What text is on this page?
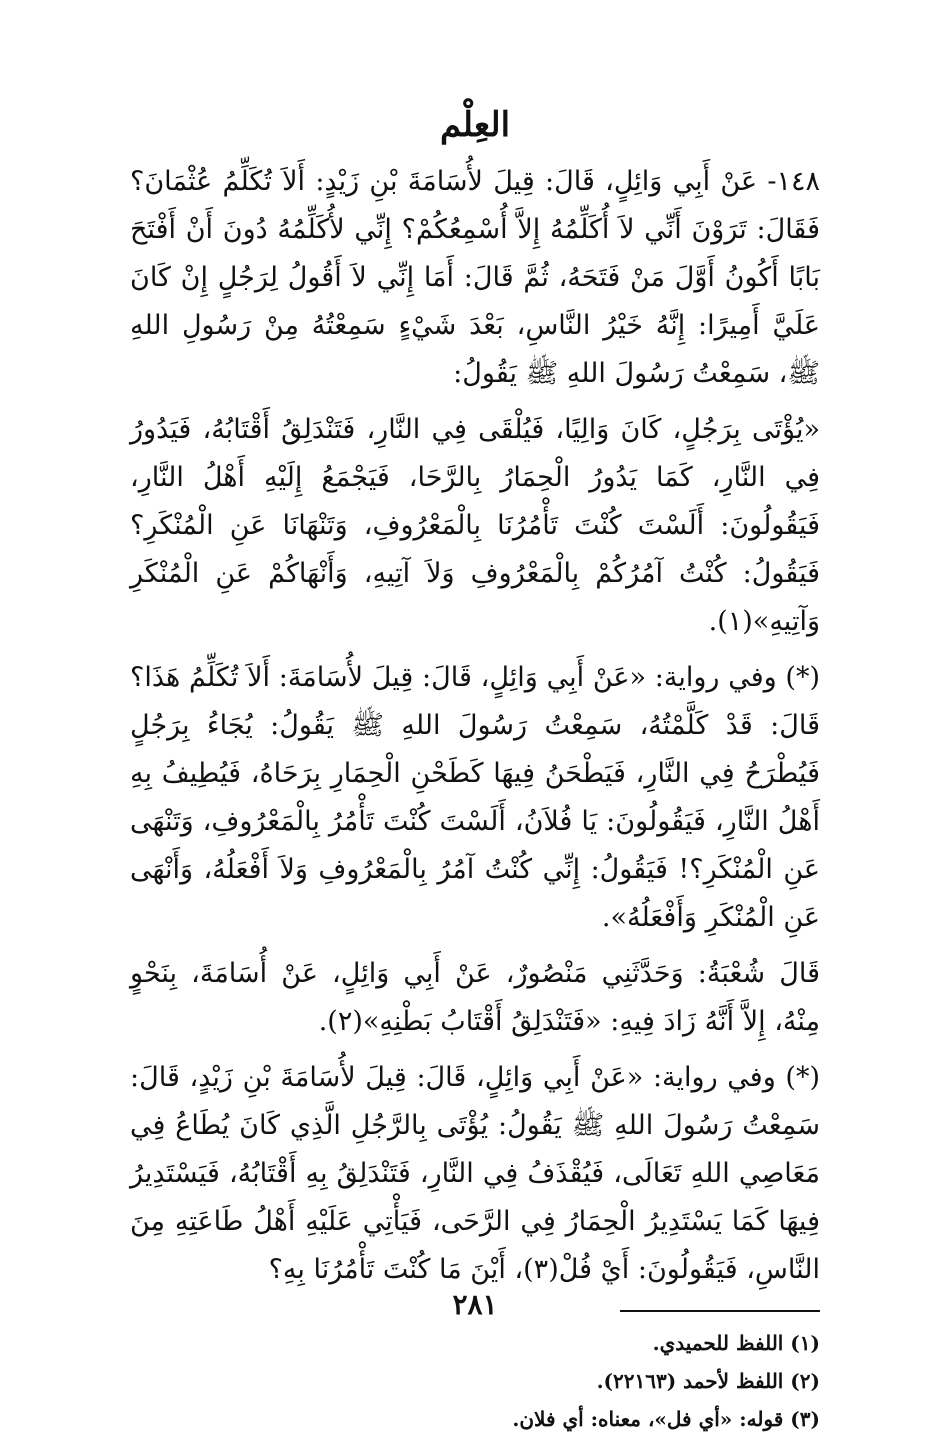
العِلْم

١٤٨- عَنْ أَبِي وَائِلٍ، قَالَ: قِيلَ لأُسَامَةَ بْنِ زَيْدٍ: أَلاَ تُكَلِّمُ عُثْمَانَ؟ فَقَالَ: تَرَوْنَ أَنِّي لاَ أُكَلِّمُهُ إِلاَّ أُسْمِعُكُمْ؟ إِنِّي لأُكَلِّمُهُ دُونَ أَنْ أَفْتَحَ بَابًا أَكُونُ أَوَّلَ مَنْ فَتَحَهُ، ثُمَّ قَالَ: أَمَا إِنِّي لاَ أَقُولُ لِرَجُلٍ إِنْ كَانَ عَلَيَّ أَمِيرًا: إِنَّهُ خَيْرُ النَّاسِ، بَعْدَ شَيْءٍ سَمِعْتُهُ مِنْ رَسُولِ اللهِ ﷺ، سَمِعْتُ رَسُولَ اللهِ ﷺ يَقُولُ:

«يُؤْتَى بِرَجُلٍ، كَانَ وَالِيًا، فَيُلْقَى فِي النَّارِ، فَتَنْدَلِقُ أَقْتَابُهُ، فَيَدُورُ فِي النَّارِ، كَمَا يَدُورُ الْحِمَارُ بِالرَّحَا، فَيَجْمَعُ إِلَيْهِ أَهْلُ النَّارِ، فَيَقُولُونَ: أَلَسْتَ كُنْتَ تَأْمُرُنَا بِالْمَعْرُوفِ، وَتَنْهَانَا عَنِ الْمُنْكَرِ؟ فَيَقُولُ: كُنْتُ آمُرُكُمْ بِالْمَعْرُوفِ وَلاَ آتِيهِ، وَأَنْهَاكُمْ عَنِ الْمُنْكَرِ وَآتِيهِ»(١).

(*) وفي رواية: «عَنْ أَبِي وَائِلٍ، قَالَ: قِيلَ لأُسَامَةَ: أَلاَ تُكَلِّمُ هَذَا؟ قَالَ: قَدْ كَلَّمْتُهُ، سَمِعْتُ رَسُولَ اللهِ ﷺ يَقُولُ: يُجَاءُ بِرَجُلٍ فَيُطْرَحُ فِي النَّارِ، فَيَطْحَنُ فِيهَا كَطَحْنِ الْحِمَارِ بِرَحَاهُ، فَيُطِيفُ بِهِ أَهْلُ النَّارِ، فَيَقُولُونَ: يَا فُلاَنُ، أَلَسْتَ كُنْتَ تَأْمُرُ بِالْمَعْرُوفِ، وَتَنْهَى عَنِ الْمُنْكَرِ؟! فَيَقُولُ: إِنِّي كُنْتُ آمُرُ بِالْمَعْرُوفِ وَلاَ أَفْعَلُهُ، وَأَنْهَى عَنِ الْمُنْكَرِ وَأَفْعَلُهُ».

قَالَ شُعْبَةُ: وَحَدَّثَنِي مَنْصُورٌ، عَنْ أَبِي وَائِلٍ، عَنْ أُسَامَةَ، بِنَحْوٍ مِنْهُ، إِلاَّ أَنَّهُ زَادَ فِيهِ: «فَتَنْدَلِقُ أَقْتَابُ بَطْنِهِ»(٢).

(*) وفي رواية: «عَنْ أَبِي وَائِلٍ، قَالَ: قِيلَ لأُسَامَةَ بْنِ زَيْدٍ، قَالَ: سَمِعْتُ رَسُولَ اللهِ ﷺ يَقُولُ: يُؤْتَى بِالرَّجُلِ الَّذِي كَانَ يُطَاعُ فِي مَعَاصِي اللهِ تَعَالَى، فَيُقْذَفُ فِي النَّارِ، فَتَنْدَلِقُ بِهِ أَقْتَابُهُ، فَيَسْتَدِيرُ فِيهَا كَمَا يَسْتَدِيرُ الْحِمَارُ فِي الرَّحَى، فَيَأْتِي عَلَيْهِ أَهْلُ طَاعَتِهِ مِنَ النَّاسِ، فَيَقُولُونَ: أَيْ فُلْ(٣)، أَيْنَ مَا كُنْتَ تَأْمُرُنَا بِهِ؟

(١) اللفظ للحميدي.

(٢) اللفظ لأحمد (٢٢١٦٣).

(٣) قوله: «أي فل»، معناه: أي فلان.

٢٨١
